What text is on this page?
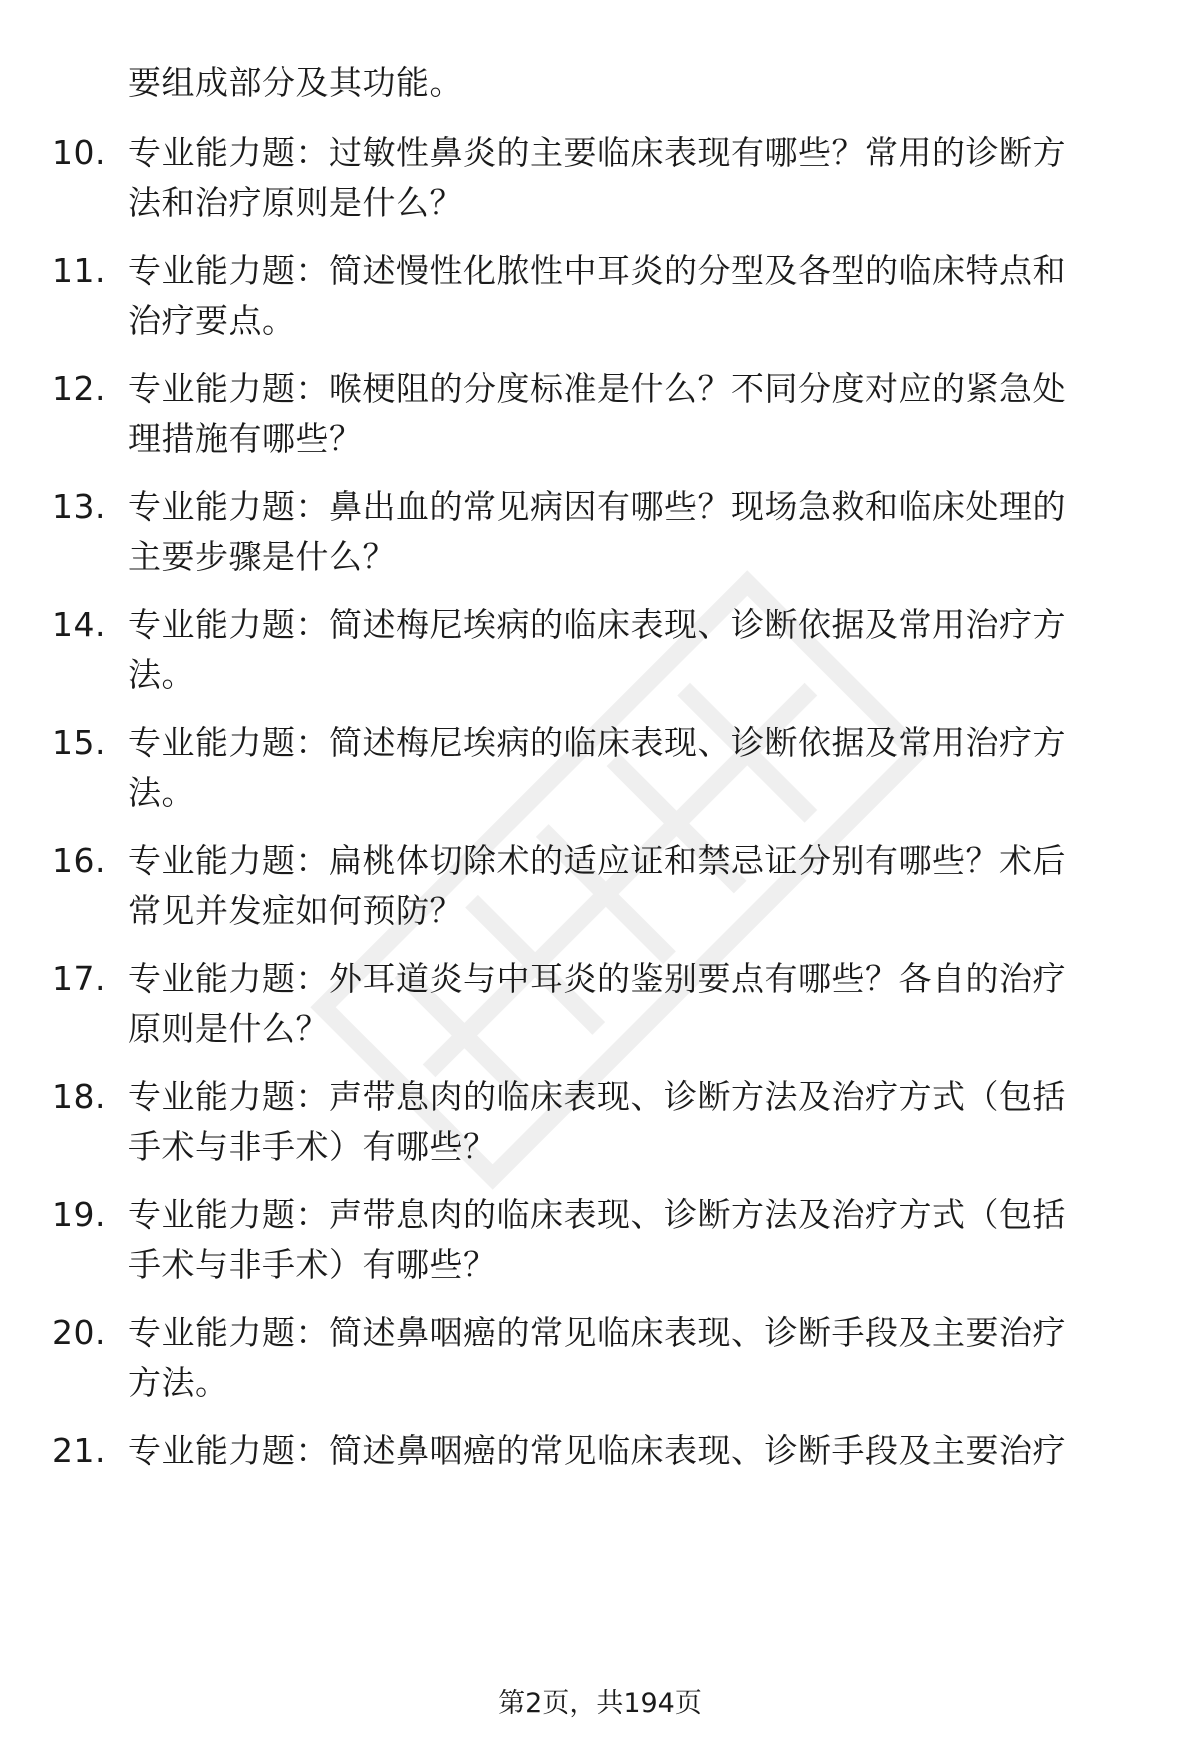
要组成部分及其功能。
10. 专业能力题：过敏性鼻炎的主要临床表现有哪些？常用的诊断方
法和治疗原则是什么？
11. 专业能力题：简述慢性化脓性中耳炎的分型及各型的临床特点和
治疗要点。
12. 专业能力题：喉梗阻的分度标准是什么？不同分度对应的紧急处
理措施有哪些？
13. 专业能力题：鼻出血的常见病因有哪些？现场急救和临床处理的
主要步骤是什么？
14. 专业能力题：简述梅尼埃病的临床表现、诊断依据及常用治疗方
法。
15. 专业能力题：简述梅尼埃病的临床表现、诊断依据及常用治疗方
法。
16. 专业能力题：扁桃体切除术的适应证和禁忌证分别有哪些？术后
常见并发症如何预防？
17. 专业能力题：外耳道炎与中耳炎的鉴别要点有哪些？各自的治疗
原则是什么？
18. 专业能力题：声带息肉的临床表现、诊断方法及治疗方式（包括
手术与非手术）有哪些？
19. 专业能力题：声带息肉的临床表现、诊断方法及治疗方式（包括
手术与非手术）有哪些？
20. 专业能力题：简述鼻咽癌的常见临床表现、诊断手段及主要治疗
方法。
21. 专业能力题：简述鼻咽癌的常见临床表现、诊断手段及主要治疗
第2页，共194页
